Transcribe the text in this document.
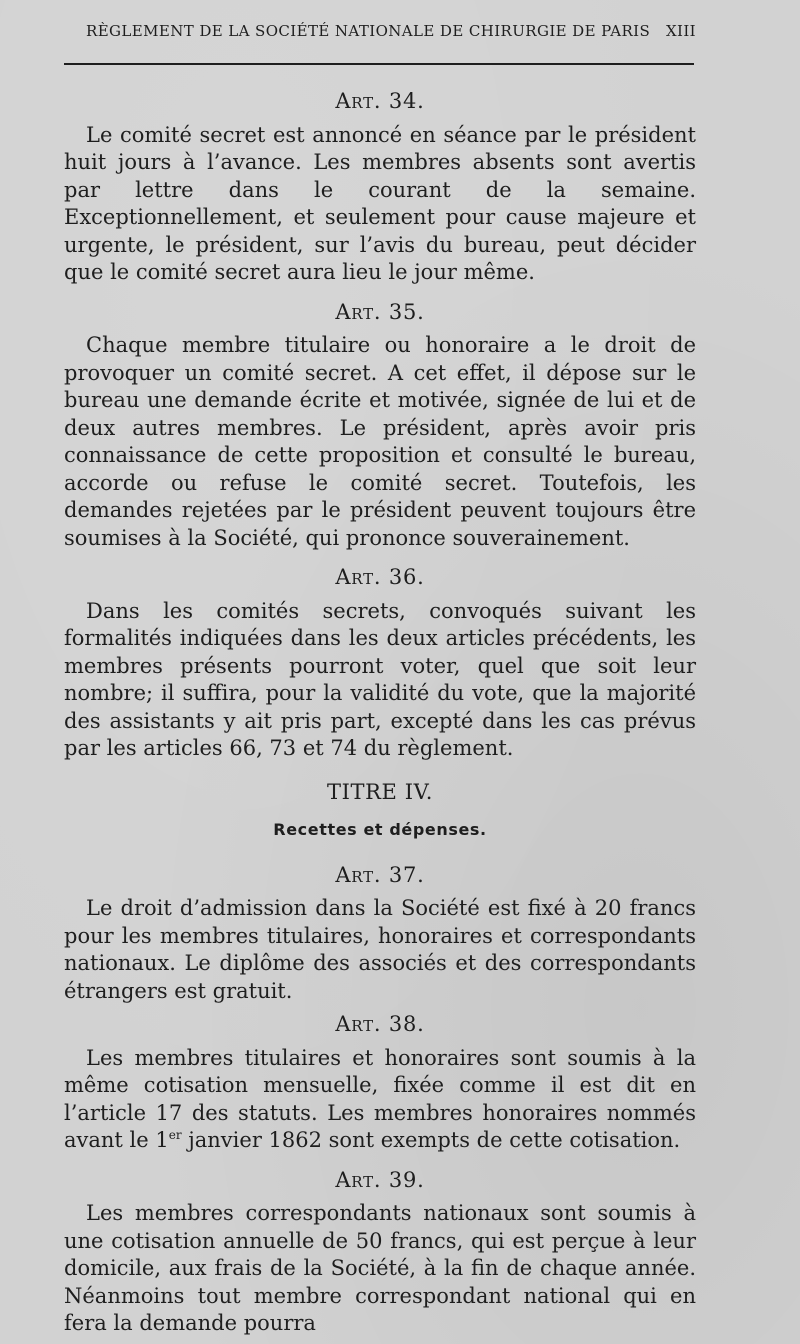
RÈGLEMENT DE LA SOCIÉTÉ NATIONALE DE CHIRURGIE DE PARIS XIII
Art. 34.

Le comité secret est annoncé en séance par le président huit jours à l’avance. Les membres absents sont avertis par lettre dans le courant de la semaine. Exceptionnellement, et seulement pour cause majeure et urgente, le président, sur l’avis du bureau, peut décider que le comité secret aura lieu le jour même.

Art. 35.

Chaque membre titulaire ou honoraire a le droit de provoquer un comité secret. A cet effet, il dépose sur le bureau une demande écrite et motivée, signée de lui et de deux autres membres. Le président, après avoir pris connaissance de cette proposition et consulté le bureau, accorde ou refuse le comité secret. Toutefois, les demandes rejetées par le président peuvent toujours être soumises à la Société, qui prononce souverainement.

Art. 36.

Dans les comités secrets, convoqués suivant les formalités indiquées dans les deux articles précédents, les membres présents pourront voter, quel que soit leur nombre; il suffira, pour la validité du vote, que la majorité des assistants y ait pris part, excepté dans les cas prévus par les articles 66, 73 et 74 du règlement.

TITRE IV.
Recettes et dépenses.
Art. 37.

Le droit d’admission dans la Société est fixé à 20 francs pour les membres titulaires, honoraires et correspondants nationaux. Le diplôme des associés et des correspondants étrangers est gratuit.

Art. 38.

Les membres titulaires et honoraires sont soumis à la même cotisation mensuelle, fixée comme il est dit en l’article 17 des statuts. Les membres honoraires nommés avant le 1er janvier 1862 sont exempts de cette cotisation.

Art. 39.

Les membres correspondants nationaux sont soumis à une cotisation annuelle de 50 francs, qui est perçue à leur domicile, aux frais de la Société, à la fin de chaque année. Néanmoins tout membre correspondant national qui en fera la demande pourra
